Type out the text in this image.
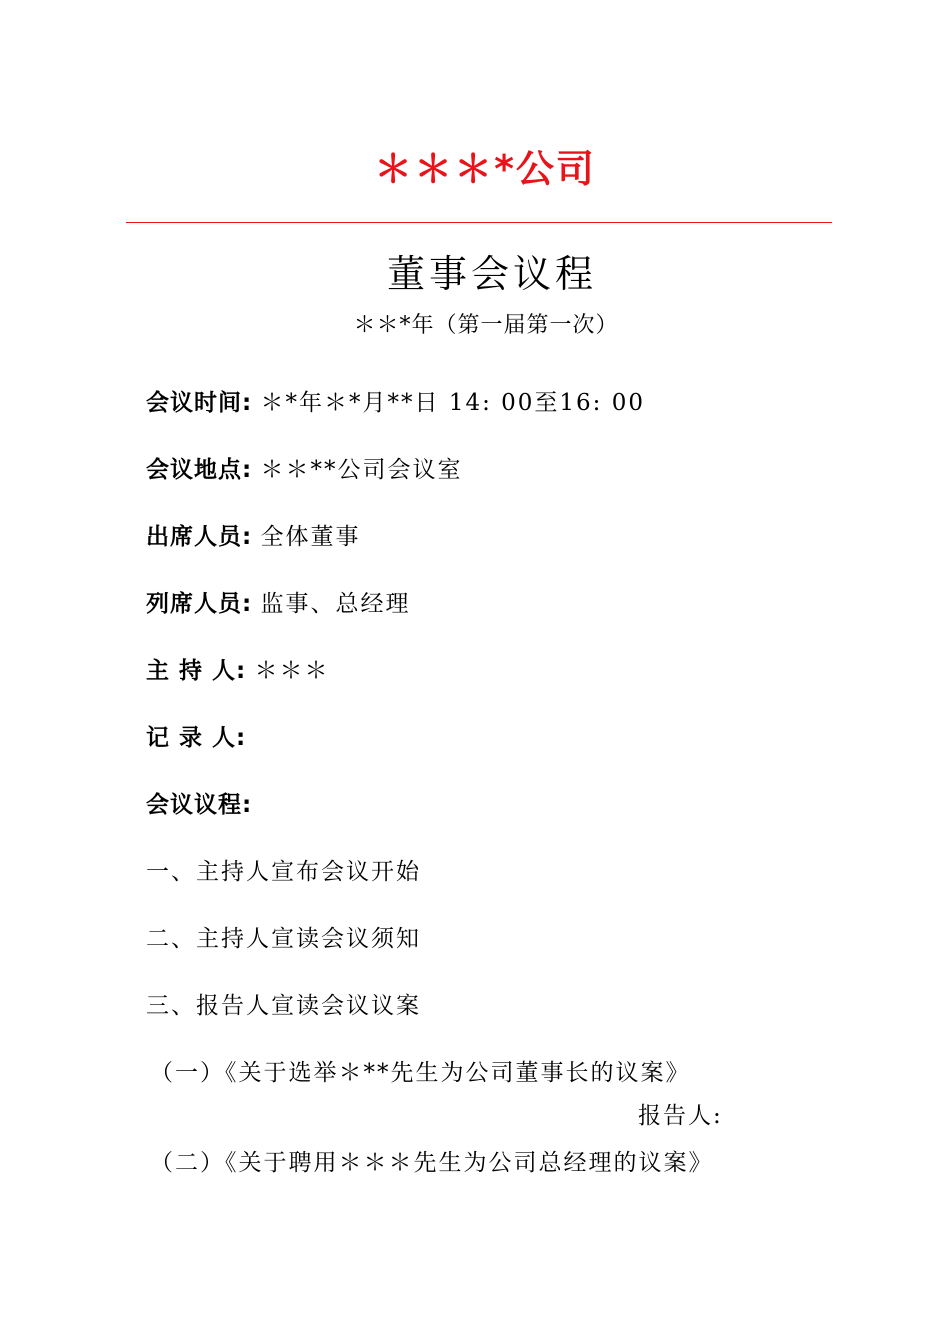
＊＊＊*公司
董事会议程
＊＊*年（第一届第一次）
会议时间: ＊*年＊*月**日 14: 00至16: 00
会议地点: ＊＊**公司会议室
出席人员: 全体董事
列席人员: 监事、总经理
主 持 人: ＊＊＊
记 录 人:
会议议程:
一、主持人宣布会议开始
二、主持人宣读会议须知
三、报告人宣读会议议案
（一）《关于选举＊**先生为公司董事长的议案》
报告人:
（二）《关于聘用＊＊＊先生为公司总经理的议案》
